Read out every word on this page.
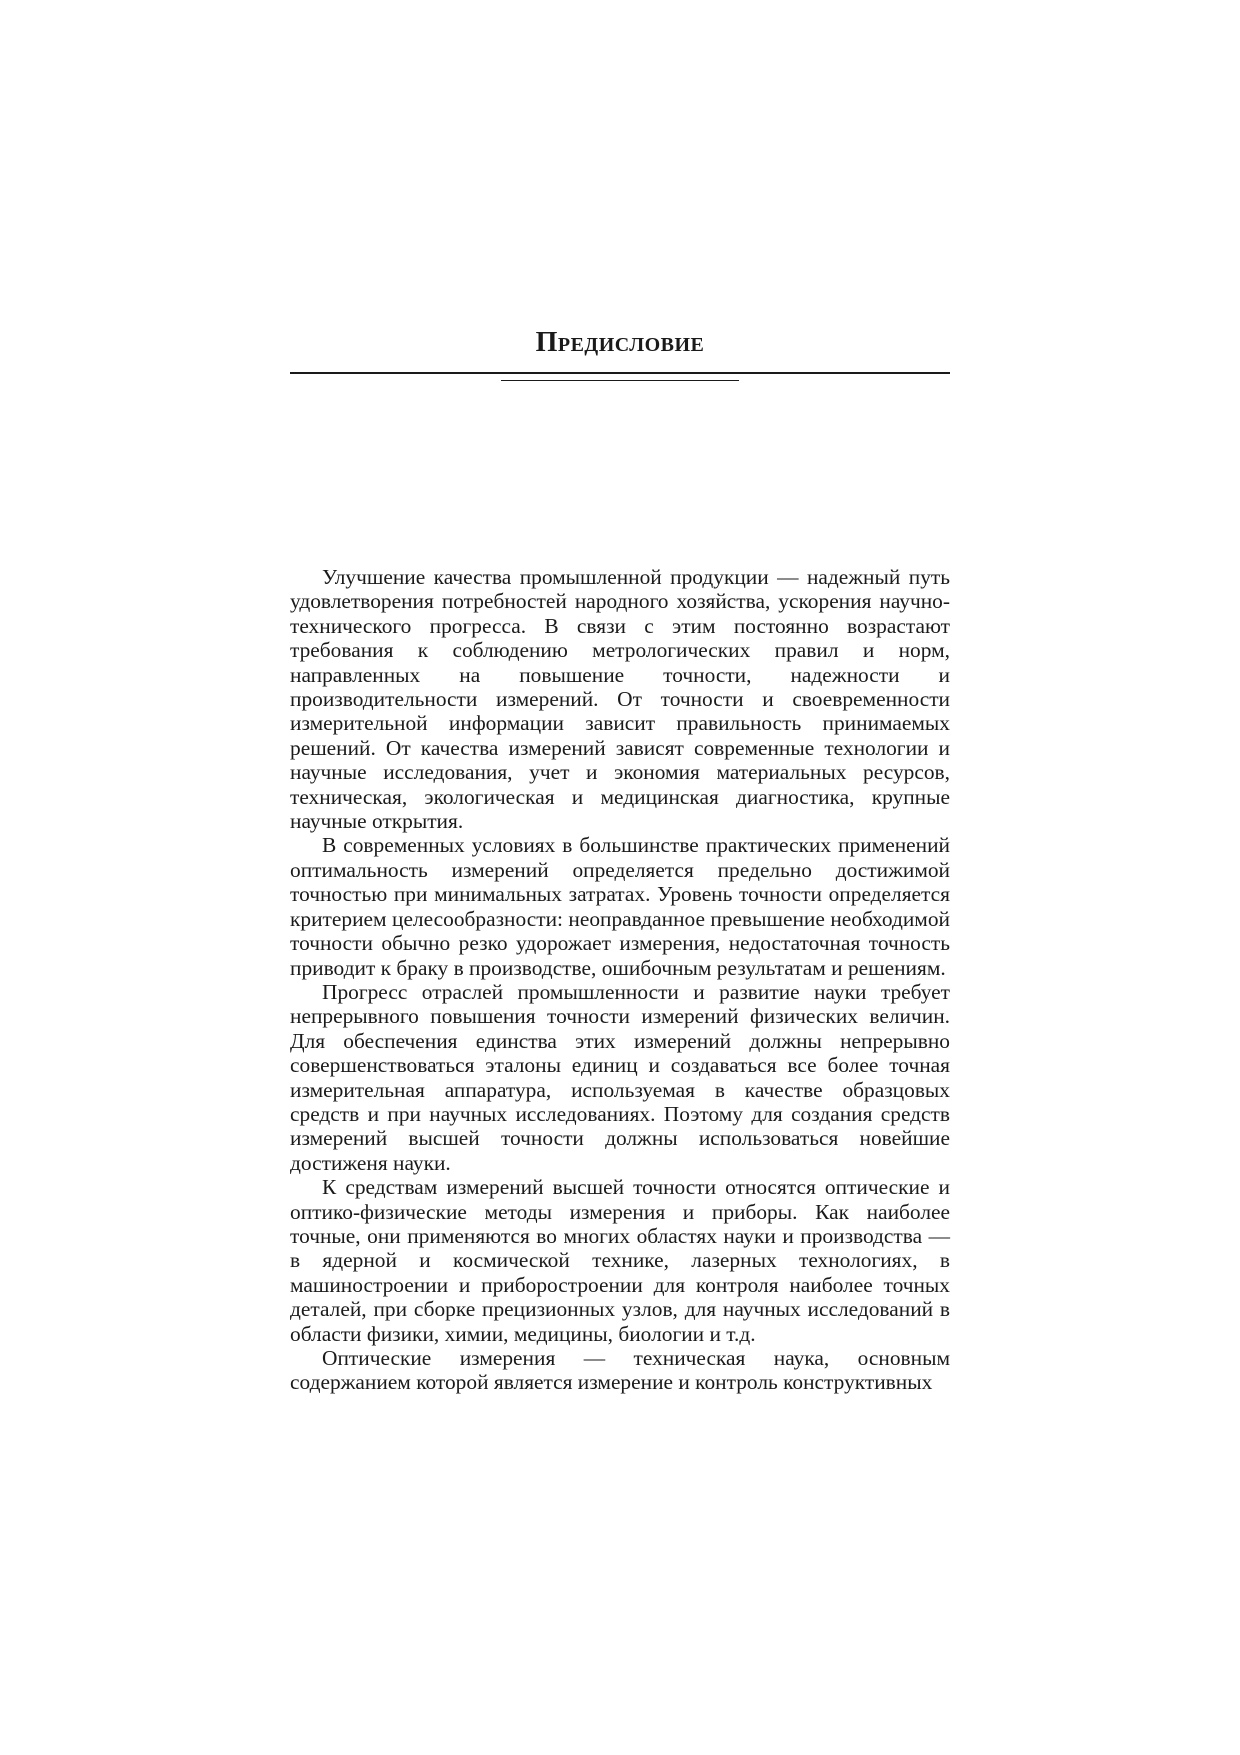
Предисловие

Улучшение качества промышленной продукции — надежный путь удовлетворения потребностей народного хозяйства, ускорения научно-технического прогресса. В связи с этим постоянно возрастают требования к соблюдению метрологических правил и норм, направленных на повышение точности, надежности и производительности измерений. От точности и своевременности измерительной информации зависит правильность принимаемых решений. От качества измерений зависят современные технологии и научные исследования, учет и экономия материальных ресурсов, техническая, экологическая и медицинская диагностика, крупные научные открытия.

В современных условиях в большинстве практических применений оптимальность измерений определяется предельно достижимой точностью при минимальных затратах. Уровень точности определяется критерием целесообразности: неоправданное превышение необходимой точности обычно резко удорожает измерения, недостаточная точность приводит к браку в производстве, ошибочным результатам и решениям.

Прогресс отраслей промышленности и развитие науки требует непрерывного повышения точности измерений физических величин. Для обеспечения единства этих измерений должны непрерывно совершенствоваться эталоны единиц и создаваться все более точная измерительная аппаратура, используемая в качестве образцовых средств и при научных исследованиях. Поэтому для создания средств измерений высшей точности должны использоваться новейшие достиженя науки.

К средствам измерений высшей точности относятся оптические и оптико-физические методы измерения и приборы. Как наиболее точные, они применяются во многих областях науки и производства — в ядерной и космической технике, лазерных технологиях, в машиностроении и приборостроении для контроля наиболее точных деталей, при сборке прецизионных узлов, для научных исследований в области физики, химии, медицины, биологии и т.д.

Оптические измерения — техническая наука, основным содержанием которой является измерение и контроль конструктивных
